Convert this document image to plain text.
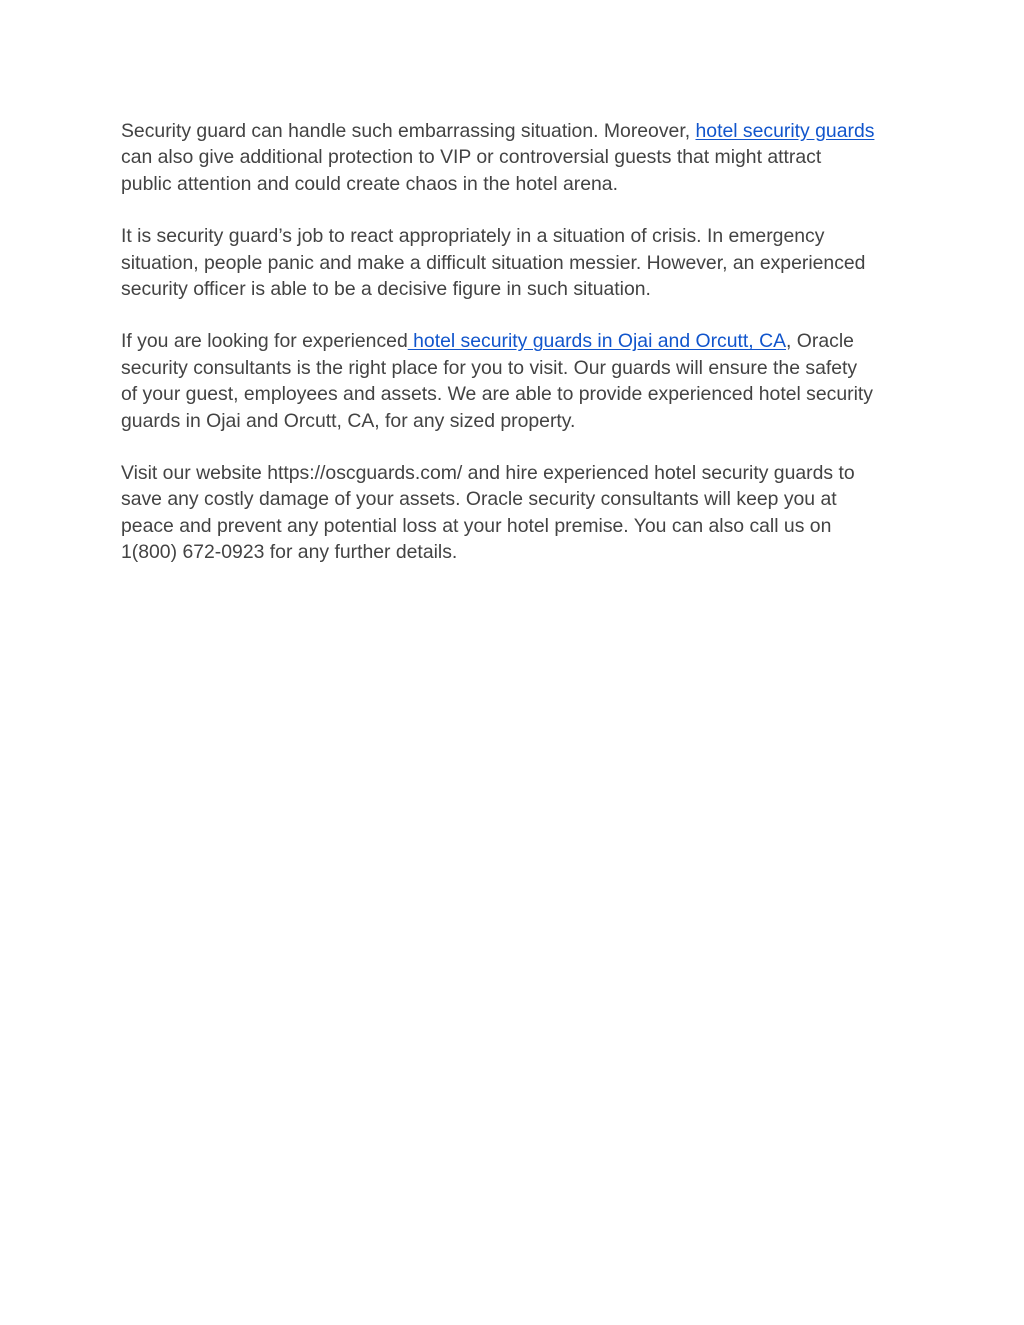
Security guard can handle such embarrassing situation. Moreover, hotel security guards
can also give additional protection to VIP or controversial guests that might attract
public attention and could create chaos in the hotel arena.

It is security guard’s job to react appropriately in a situation of crisis. In emergency
situation, people panic and make a difficult situation messier. However, an experienced
security officer is able to be a decisive figure in such situation.

If you are looking for experienced hotel security guards in Ojai and Orcutt, CA, Oracle
security consultants is the right place for you to visit. Our guards will ensure the safety
of your guest, employees and assets. We are able to provide experienced hotel security
guards in Ojai and Orcutt, CA, for any sized property.

Visit our website https://oscguards.com/ and hire experienced hotel security guards to
save any costly damage of your assets. Oracle security consultants will keep you at
peace and prevent any potential loss at your hotel premise. You can also call us on
1(800) 672-0923 for any further details.
